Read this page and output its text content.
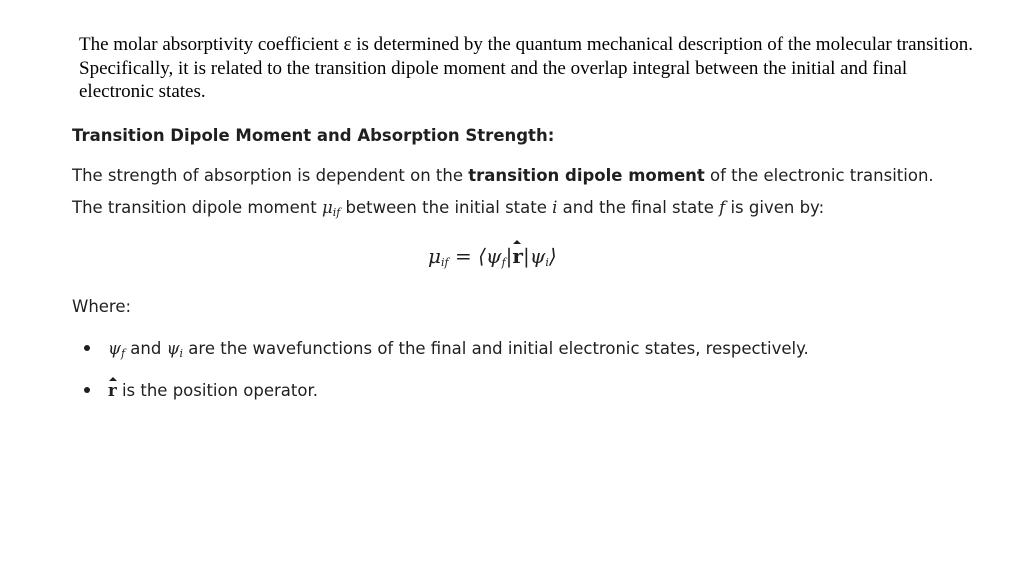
The molar absorptivity coefficient ε is determined by the quantum mechanical description of the molecular transition. Specifically, it is related to the transition dipole moment and the overlap integral between the initial and final electronic states.
Transition Dipole Moment and Absorption Strength:
The strength of absorption is dependent on the transition dipole moment of the electronic transition.
The transition dipole moment $\mu_{if}$ between the initial state i and the final state f is given by:
$\mu_{if}$ = $⟨\psi_f|r|\psi_i⟩$
Where:
$\psi_f$ and $\psi_i$ are the wavefunctions of the final and initial electronic states, respectively.
r is the position operator.
